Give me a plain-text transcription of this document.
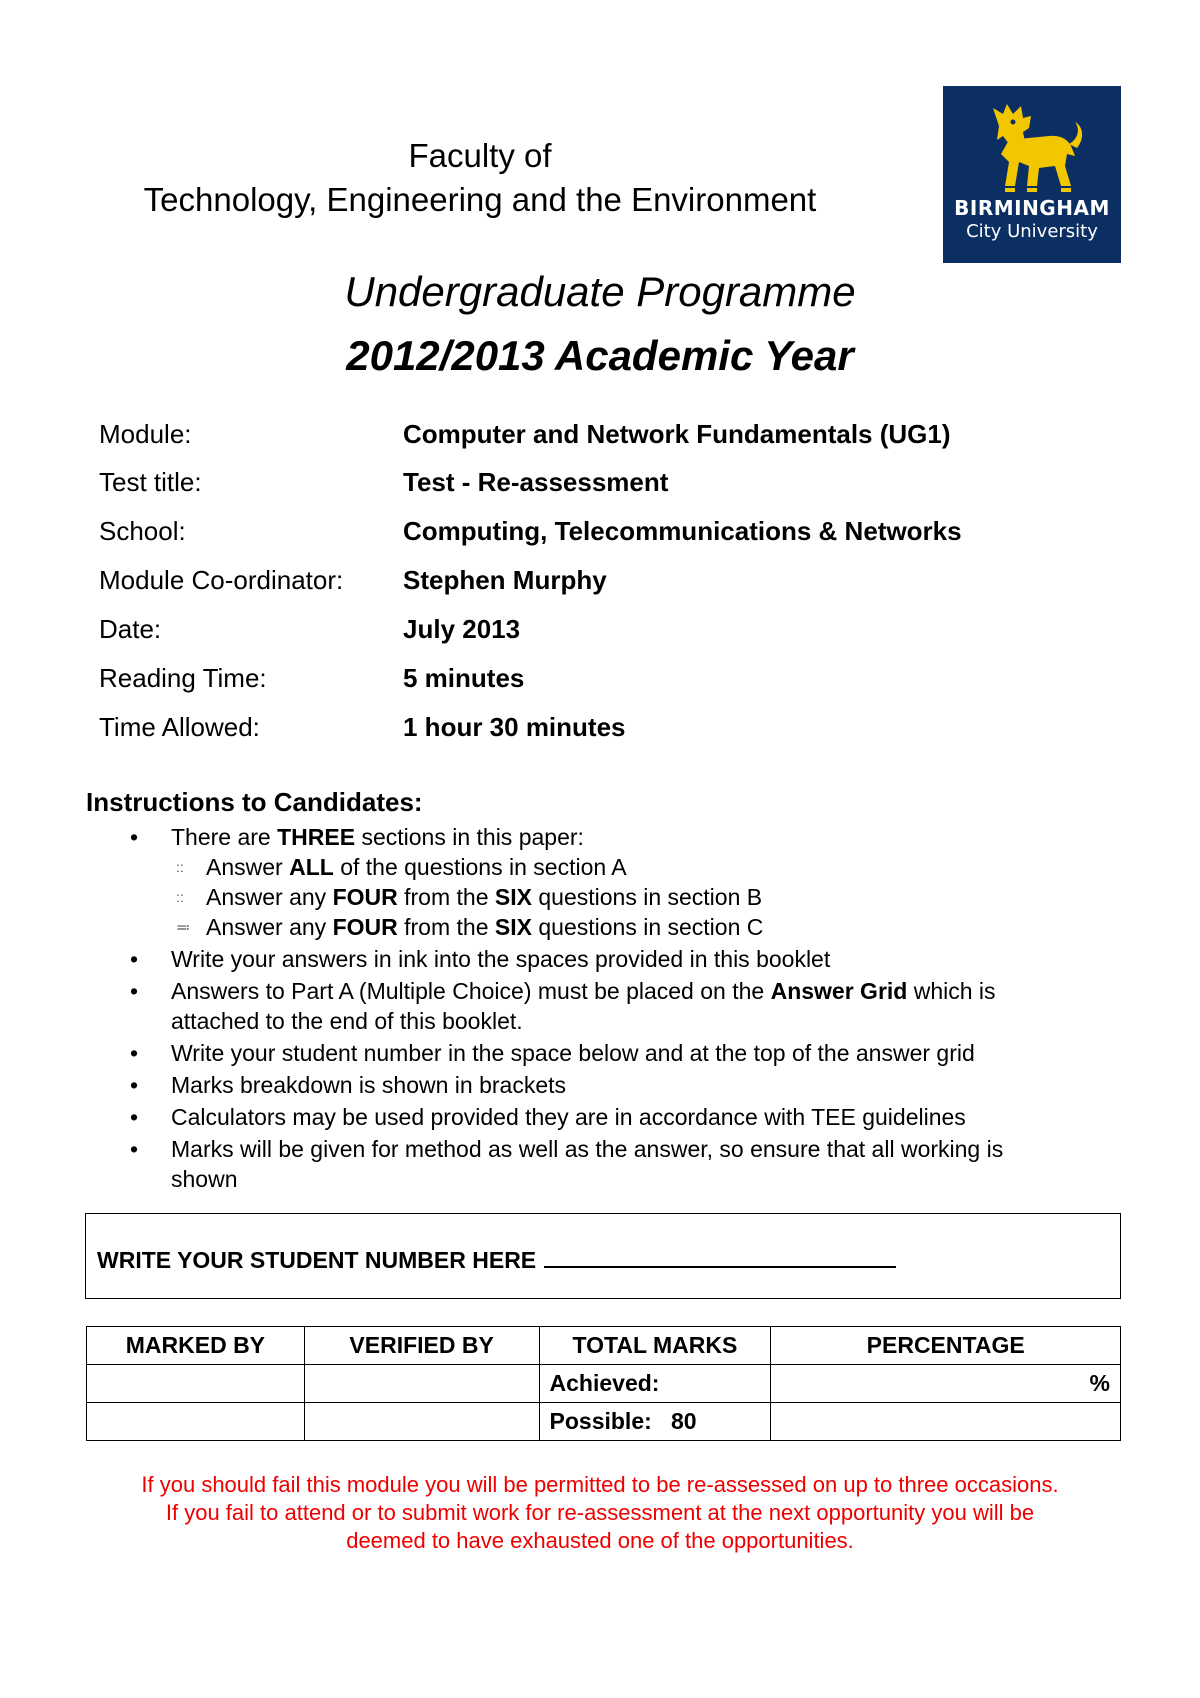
Faculty of
Technology, Engineering and the Environment	BIRMINGHAM
City University
Undergraduate Programme
2012/2013 Academic Year
Module:	Computer and Network Fundamentals (UG1)
Test title:	Test - Re-assessment
School:	Computing, Telecommunications & Networks
Module Co-ordinator: Stephen Murphy
Date:	July 2013
Reading Time:	5 minutes
Time Allowed:	1 hour 30 minutes
Instructions to Candidates:
• There are THREE sections in this paper:
:: Answer ALL of the questions in section A
:: Answer any FOUR from the SIX questions in section B
≕ Answer any FOUR from the SIX questions in section C
• Write your answers in ink into the spaces provided in this booklet
• Answers to Part A (Multiple Choice) must be placed on the Answer Grid which is
attached to the end of this booklet.
• Write your student number in the space below and at the top of the answer grid
• Marks breakdown is shown in brackets
• Calculators may be used provided they are in accordance with TEE guidelines
• Marks will be given for method as well as the answer, so ensure that all working is
shown
WRITE YOUR STUDENT NUMBER HERE
MARKED BY	VERIFIED BY	TOTAL MARKS	PERCENTAGE
		Achieved:	%

		Possible: 80	
If you should fail this module you will be permitted to be re-assessed on up to three occasions.
If you fail to attend or to submit work for re-assessment at the next opportunity you will be
deemed to have exhausted one of the opportunities.
